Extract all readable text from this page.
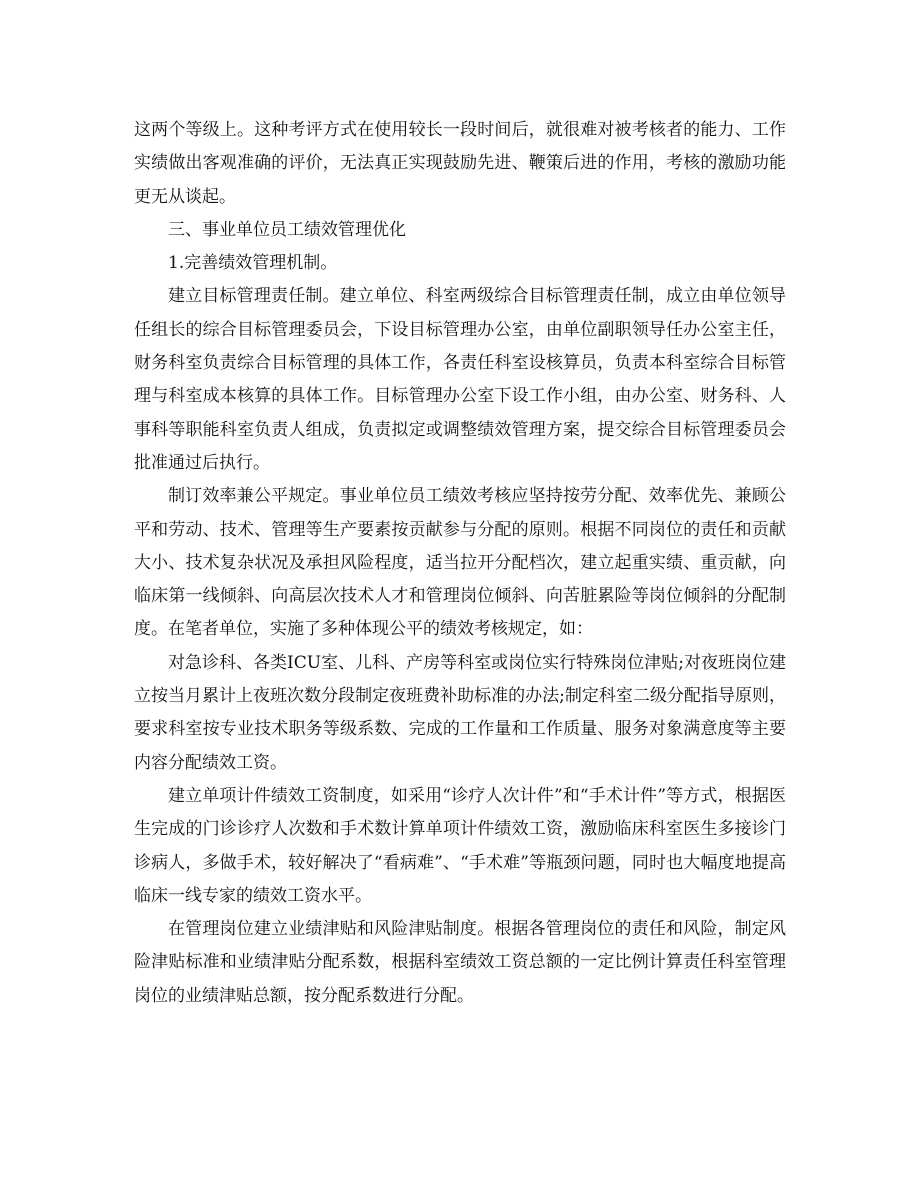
这两个等级上。这种考评方式在使用较长一段时间后，就很难对被考核者的能力、工作实绩做出客观准确的评价，无法真正实现鼓励先进、鞭策后进的作用，考核的激励功能更无从谈起。

三、事业单位员工绩效管理优化

1.完善绩效管理机制。

建立目标管理责任制。建立单位、科室两级综合目标管理责任制，成立由单位领导任组长的综合目标管理委员会，下设目标管理办公室，由单位副职领导任办公室主任，财务科室负责综合目标管理的具体工作，各责任科室设核算员，负责本科室综合目标管理与科室成本核算的具体工作。目标管理办公室下设工作小组，由办公室、财务科、人事科等职能科室负责人组成，负责拟定或调整绩效管理方案，提交综合目标管理委员会批准通过后执行。

制订效率兼公平规定。事业单位员工绩效考核应坚持按劳分配、效率优先、兼顾公平和劳动、技术、管理等生产要素按贡献参与分配的原则。根据不同岗位的责任和贡献大小、技术复杂状况及承担风险程度，适当拉开分配档次，建立起重实绩、重贡献，向临床第一线倾斜、向高层次技术人才和管理岗位倾斜、向苦脏累险等岗位倾斜的分配制度。在笔者单位，实施了多种体现公平的绩效考核规定，如：

对急诊科、各类ICU室、儿科、产房等科室或岗位实行特殊岗位津贴;对夜班岗位建立按当月累计上夜班次数分段制定夜班费补助标准的办法;制定科室二级分配指导原则，要求科室按专业技术职务等级系数、完成的工作量和工作质量、服务对象满意度等主要内容分配绩效工资。

建立单项计件绩效工资制度，如采用“诊疗人次计件”和“手术计件”等方式，根据医生完成的门诊诊疗人次数和手术数计算单项计件绩效工资，激励临床科室医生多接诊门诊病人，多做手术，较好解决了“看病难”、“手术难”等瓶颈问题，同时也大幅度地提高临床一线专家的绩效工资水平。

在管理岗位建立业绩津贴和风险津贴制度。根据各管理岗位的责任和风险，制定风险津贴标准和业绩津贴分配系数，根据科室绩效工资总额的一定比例计算责任科室管理岗位的业绩津贴总额，按分配系数进行分配。
